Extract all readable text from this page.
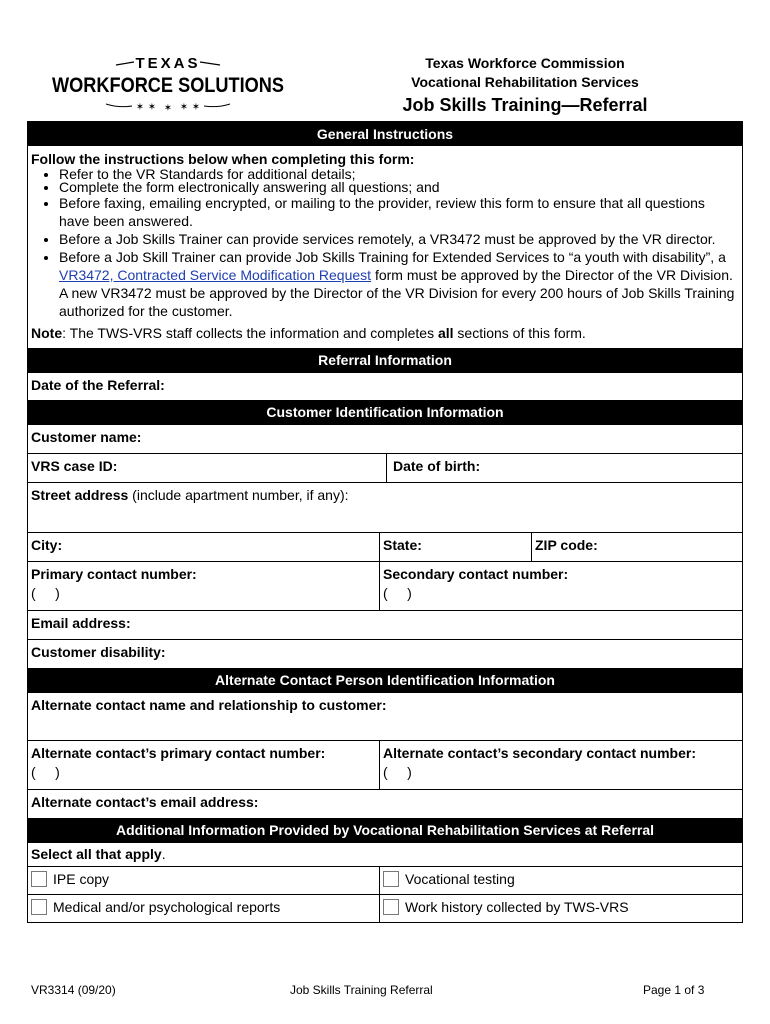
TEXAS
WORKFORCE SOLUTIONS
✶ ✶ ✶ ✶ ✶
Texas Workforce Commission
Vocational Rehabilitation Services
Job Skills Training—Referral
General Instructions
Follow the instructions below when completing this form:
• Refer to the VR Standards for additional details;
• Complete the form electronically answering all questions; and
• Before faxing, emailing encrypted, or mailing to the provider, review this form to ensure that all questions have been answered.
• Before a Job Skills Trainer can provide services remotely, a VR3472 must be approved by the VR director.
• Before a Job Skill Trainer can provide Job Skills Training for Extended Services to “a youth with disability”, a VR3472, Contracted Service Modification Request form must be approved by the Director of the VR Division. A new VR3472 must be approved by the Director of the VR Division for every 200 hours of Job Skills Training authorized for the customer.
Note: The TWS-VRS staff collects the information and completes all sections of this form.
Referral Information
Date of the Referral:
Customer Identification Information
Customer name:
VRS case ID:	Date of birth:
Street address (include apartment number, if any):
City:	State:	ZIP code:
Primary contact number:
(     )
Secondary contact number:
(     )
Email address:
Customer disability:
Alternate Contact Person Identification Information
Alternate contact name and relationship to customer:
Alternate contact’s primary contact number:
(     )
Alternate contact’s secondary contact number:
(     )
Alternate contact’s email address:
Additional Information Provided by Vocational Rehabilitation Services at Referral
Select all that apply.
IPE copy	Vocational testing
Medical and/or psychological reports	Work history collected by TWS-VRS
VR3314 (09/20)	Job Skills Training Referral	Page 1 of 3
